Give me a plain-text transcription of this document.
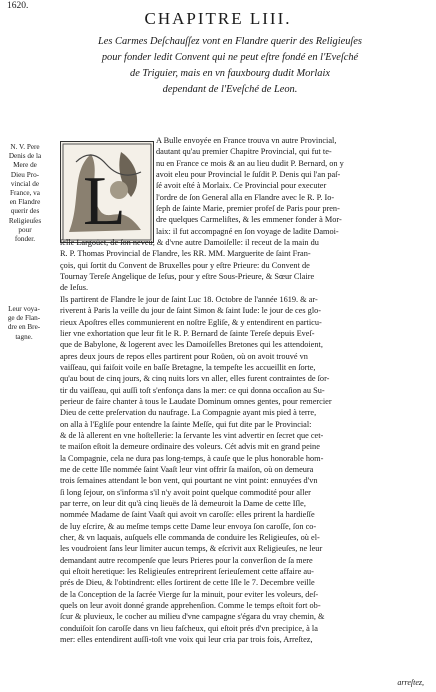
1620.
CHAPITRE LIII.
Les Carmes Deſchauſſez vont en Flandre querir des Religieuſes
pour fonder ledit Convent qui ne peut eſtre fondé en l'Eveſché
de Triguier, mais en vn fauxbourg dudit Morlaix
dependant de l'Eveſché de Leon.
N. V. Pere
Denis de la
Mere de
Dieu Pro-
vincial de
France, va
en Flandre
querir des
Religieuſes
pour
fonder.
Leur voya-
ge de Flan-
dre en Bre-
tagne.
L
A Bulle envoyée en France trouva vn autre Provincial,
dautant qu'au premier Chapitre Provincial, qui fut te-
nu en France ce mois & an au lieu dudit P. Bernard, on y
avoit eleu pour Provincial le ſuſdit P. Denis qui l'an paſ-
ſé avoit eſté à Morlaix. Ce Provincial pour executer
l'ordre de ſon General alla en Flandre avec le R. P. Io-
ſeph de ſainte Marie, premier profeſ de Paris pour pren-
dre quelques Carmeliſtes, & les emmener fonder à Mor-
laix: il fut accompagné en ſon voyage de ladite Damoi-
ſelle Largoüet, de ſon neveu, & d'vne autre Damoiſelle: il receut de la main du
R. P. Thomas Provincial de Flandre, les RR. MM. Marguerite de ſaint Fran-
çois, qui ſortit du Convent de Bruxelles pour y eſtre Prieure: du Convent de
Tournay Tereſe Angelique de Ieſus, pour y eſtre Sous-Prieure, & Sœur Claire
de Ieſus.
Ils partirent de Flandre le jour de ſaint Luc 18. Octobre de l'année 1619. & ar-
riverent à Paris la veille du jour de ſaint Simon & ſaint Iude: le jour de ces glo-
rieux Apoſtres elles communierent en noſtre Egliſe, & y entendirent en particu-
lier vne exhortation que leur fit le R. P. Bernard de ſainte Tereſe depuis Eveſ-
que de Babylone, & logerent avec les Damoiſelles Bretones qui les attendoient,
apres deux jours de repos elles partirent pour Roüen, où on avoit trouvé vn
vaiſſeau, qui faiſoit voile en baſſe Bretagne, la tempeſte les accueillit en ſorte,
qu'au bout de cinq jours, & cinq nuits lors vn aller, elles furent contraintes de ſor-
tir du vaiſſeau, qui auſſi toſt s'enfonça dans la mer: ce qui donna occaſion au Su-
perieur de faire chanter à tous le Laudate Dominum omnes gentes, pour remercier
Dieu de cette preſervation du naufrage. La Compagnie ayant mis pied à terre,
on alla à l'Egliſe pour entendre la ſainte Meſſe, qui fut dite par le Provincial:
& de là allerent en vne hoſtellerie: la ſervante les vint advertir en ſecret que cet-
te maiſon eſtoit la demeure ordinaire des voleurs. Cét advis mit en grand peine
la Compagnie, cela ne dura pas long-temps, à cauſe que le plus honorable hom-
me de cette Iſle nommée ſaint Vaaſt leur vint offrir ſa maiſon, où on demeura
trois ſemaines attendant le bon vent, qui pourtant ne vint point: ennuyées d'vn
ſi long ſejour, on s'informa s'il n'y avoit point quelque commodité pour aller
par terre, on leur dit qu'à cinq lieuës de là demeuroit la Dame de cette Iſle,
nommée Madame de ſaint Vaaſt qui avoit vn caroſſe: elles prirent la hardieſſe
de luy eſcrire, & au meſme temps cette Dame leur envoya ſon caroſſe, ſon co-
cher, & vn laquais, auſquels elle commanda de conduire les Religieuſes, où el-
les voudroient ſans leur limiter aucun temps, & eſcrivit aux Religieuſes, ne leur
demandant autre recompenſe que leurs Prieres pour la converſion de ſa mere
qui eſtoit heretique: les Religieuſes entreprirent ſerieuſement cette affaire au-
prés de Dieu, & l'obtindrent: elles ſortirent de cette Iſle le 7. Decembre veille
de la Conception de la ſacrée Vierge ſur la minuit, pour eviter les voleurs, deſ-
quels on leur avoit donné grande apprehenſion. Comme le temps eſtoit fort ob-
ſcur & pluvieux, le cocher au milieu d'vne campagne s'égara du vray chemin, &
conduiſoit ſon caroſſe dans vn lieu faſcheux, qui eſtoit prés d'vn precipice, à la
mer: elles entendirent auſſi-toſt vne voix qui leur cria par trois fois, Arreſtez,
arreſtez,
